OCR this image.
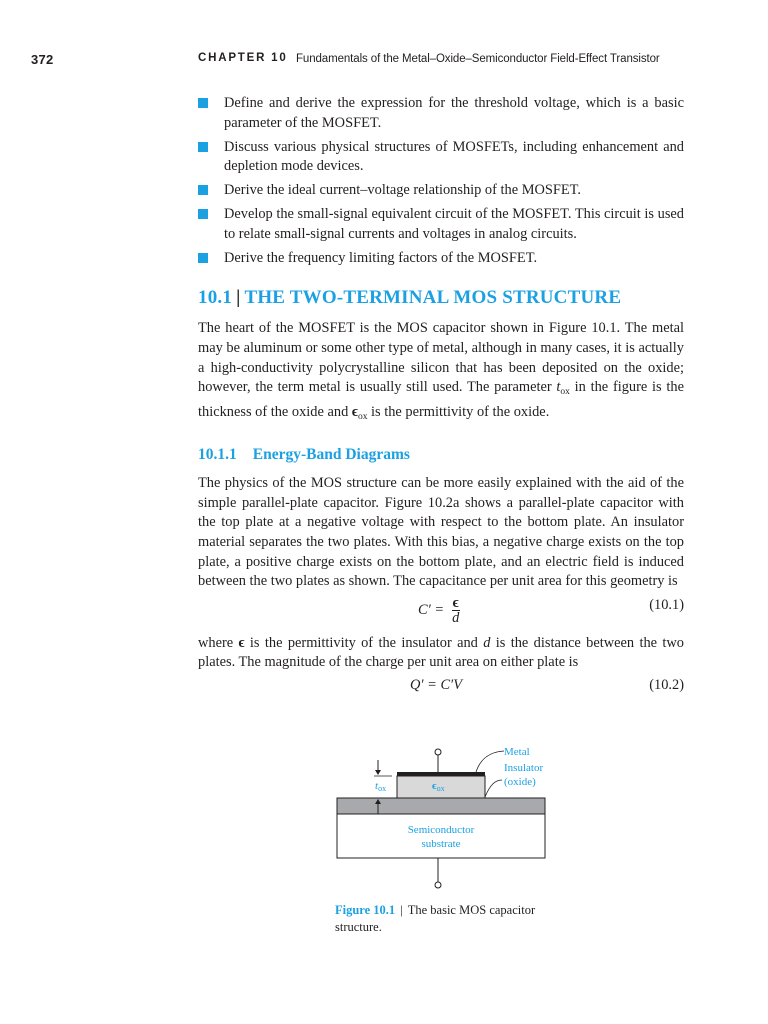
372	CHAPTER 10 Fundamentals of the Metal–Oxide–Semiconductor Field-Effect Transistor
Define and derive the expression for the threshold voltage, which is a basic parameter of the MOSFET.
Discuss various physical structures of MOSFETs, including enhancement and depletion mode devices.
Derive the ideal current–voltage relationship of the MOSFET.
Develop the small-signal equivalent circuit of the MOSFET. This circuit is used to relate small-signal currents and voltages in analog circuits.
Derive the frequency limiting factors of the MOSFET.
10.1 | THE TWO-TERMINAL MOS STRUCTURE

The heart of the MOSFET is the MOS capacitor shown in Figure 10.1. The metal may be aluminum or some other type of metal, although in many cases, it is actually a high-conductivity polycrystalline silicon that has been deposited on the oxide; however, the term metal is usually still used. The parameter $t_{ox}$ in the figure is the thickness of the oxide and $\epsilon_{ox}$ is the permittivity of the oxide.

10.1.1 Energy-Band Diagrams

The physics of the MOS structure can be more easily explained with the aid of the simple parallel-plate capacitor. Figure 10.2a shows a parallel-plate capacitor with the top plate at a negative voltage with respect to the bottom plate. An insulator material separates the two plates. With this bias, a negative charge exists on the top plate, a positive charge exists on the bottom plate, and an electric field is induced between the two plates as shown. The capacitance per unit area for this geometry is

$C' = \frac{\epsilon}{d}$	(10.1)

where ϵ is the permittivity of the insulator and d is the distance between the two plates. The magnitude of the charge per unit area on either plate is

Q′ = C′V	(10.2)
tox	ϵox
Metal
Insulator
(oxide)
Semiconductor
substrate
Figure 10.1 | The basic MOS capacitor structure.
